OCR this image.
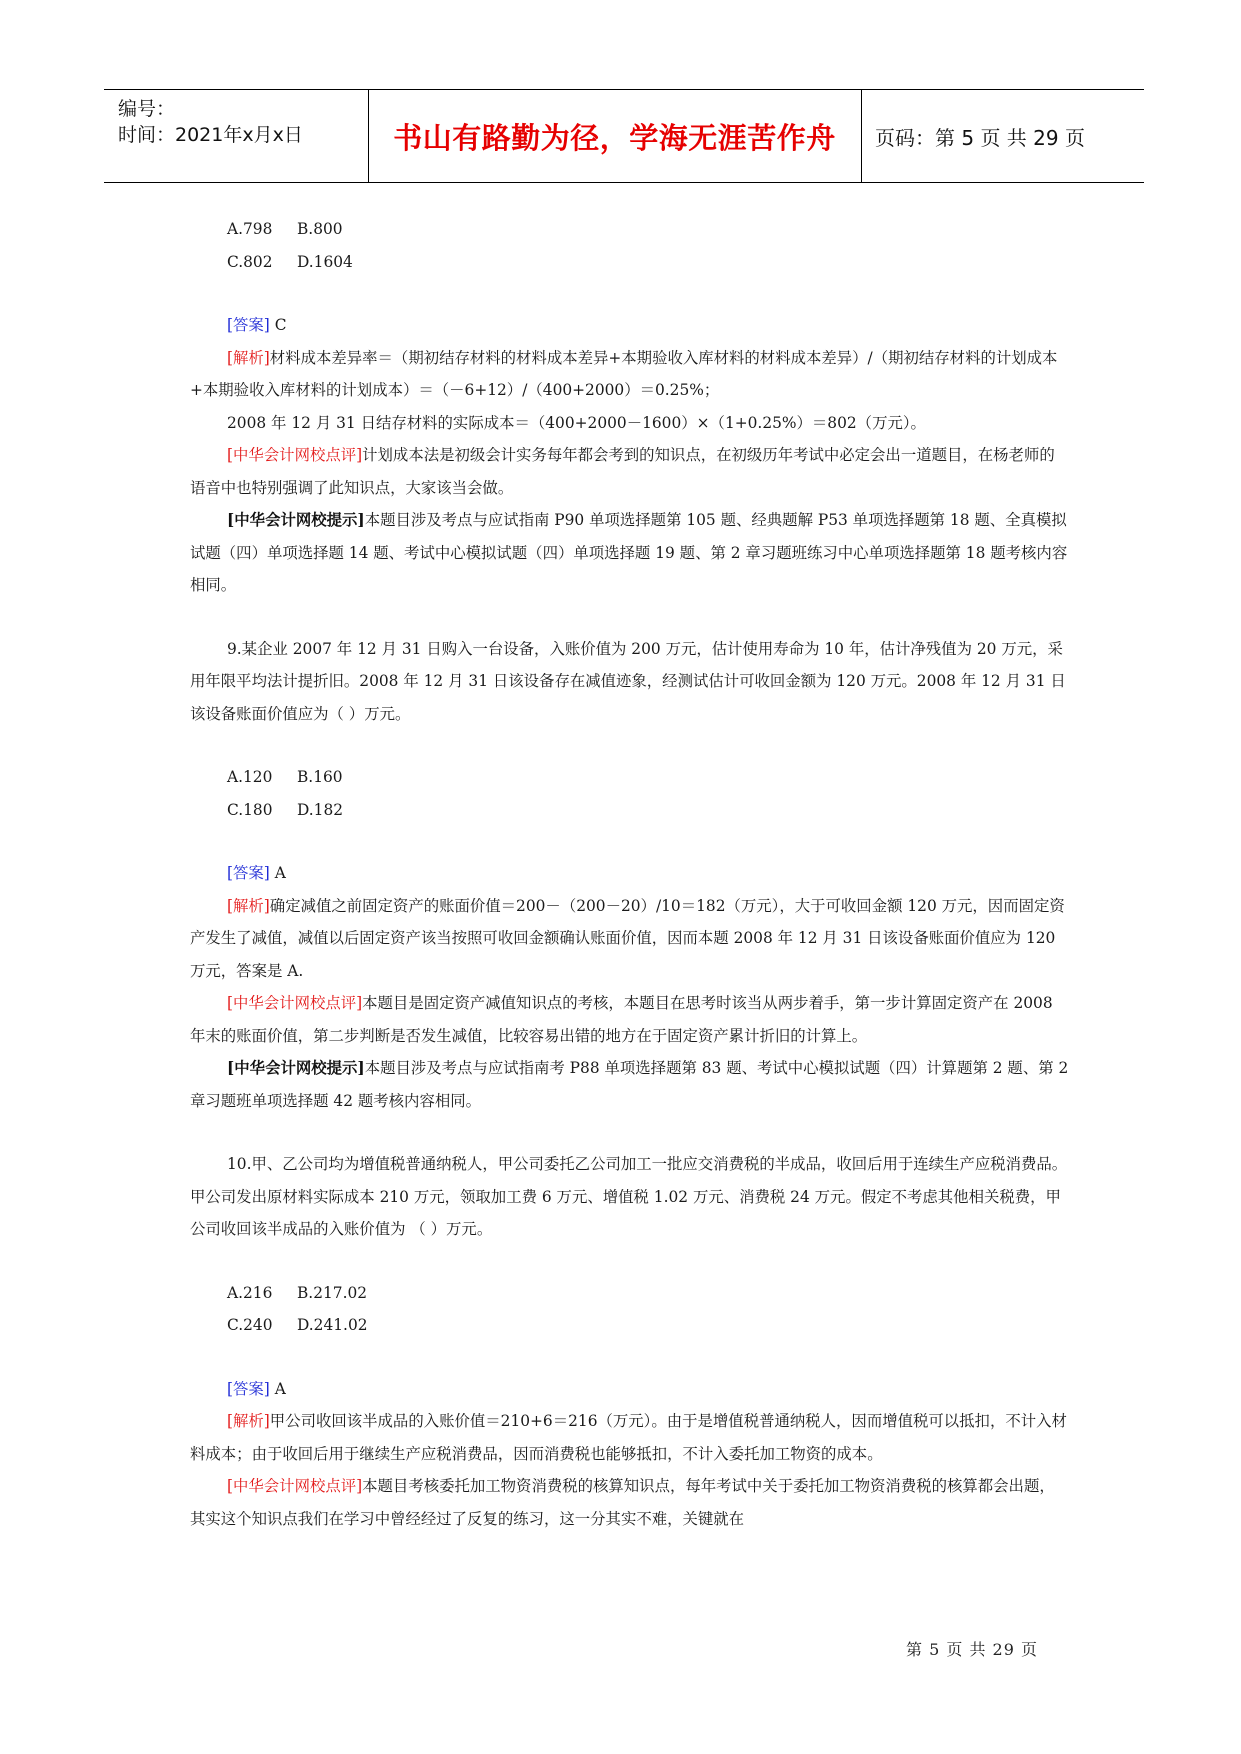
编号：
时间：2021年x月x日	书山有路勤为径，学海无涯苦作舟	页码：第 5 页 共 29 页

A.798 B.800

C.802 D.1604

[答案] C

[解析]材料成本差异率＝（期初结存材料的材料成本差异+本期验收入库材料的材料成本差异）/（期初结存材料的计划成本+本期验收入库材料的计划成本）＝（－6+12）/（400+2000）＝0.25%；

2008 年 12 月 31 日结存材料的实际成本＝（400+2000－1600）×（1+0.25%）＝802（万元）。

[中华会计网校点评]计划成本法是初级会计实务每年都会考到的知识点，在初级历年考试中必定会出一道题目，在杨老师的语音中也特别强调了此知识点，大家该当会做。

[中华会计网校提示]本题目涉及考点与应试指南 P90 单项选择题第 105 题、经典题解 P53 单项选择题第 18 题、全真模拟试题（四）单项选择题 14 题、考试中心模拟试题（四）单项选择题 19 题、第 2 章习题班练习中心单项选择题第 18 题考核内容相同。

9.某企业 2007 年 12 月 31 日购入一台设备，入账价值为 200 万元，估计使用寿命为 10 年，估计净残值为 20 万元，采用年限平均法计提折旧。2008 年 12 月 31 日该设备存在减值迹象，经测试估计可收回金额为 120 万元。2008 年 12 月 31 日该设备账面价值应为（ ）万元。

A.120 B.160

C.180 D.182

[答案] A

[解析]确定减值之前固定资产的账面价值＝200－（200－20）/10＝182（万元），大于可收回金额 120 万元，因而固定资产发生了减值，减值以后固定资产该当按照可收回金额确认账面价值，因而本题 2008 年 12 月 31 日该设备账面价值应为 120 万元，答案是 A.

[中华会计网校点评]本题目是固定资产减值知识点的考核，本题目在思考时该当从两步着手，第一步计算固定资产在 2008 年末的账面价值，第二步判断是否发生减值，比较容易出错的地方在于固定资产累计折旧的计算上。

[中华会计网校提示]本题目涉及考点与应试指南考 P88 单项选择题第 83 题、考试中心模拟试题（四）计算题第 2 题、第 2 章习题班单项选择题 42 题考核内容相同。

10.甲、乙公司均为增值税普通纳税人，甲公司委托乙公司加工一批应交消费税的半成品，收回后用于连续生产应税消费品。甲公司发出原材料实际成本 210 万元，领取加工费 6 万元、增值税 1.02 万元、消费税 24 万元。假定不考虑其他相关税费，甲公司收回该半成品的入账价值为 （ ）万元。

A.216 B.217.02

C.240 D.241.02

[答案] A

[解析]甲公司收回该半成品的入账价值＝210+6＝216（万元）。由于是增值税普通纳税人，因而增值税可以抵扣，不计入材料成本；由于收回后用于继续生产应税消费品，因而消费税也能够抵扣，不计入委托加工物资的成本。

[中华会计网校点评]本题目考核委托加工物资消费税的核算知识点，每年考试中关于委托加工物资消费税的核算都会出题，其实这个知识点我们在学习中曾经经过了反复的练习，这一分其实不难，关键就在

第 5 页 共 29 页
